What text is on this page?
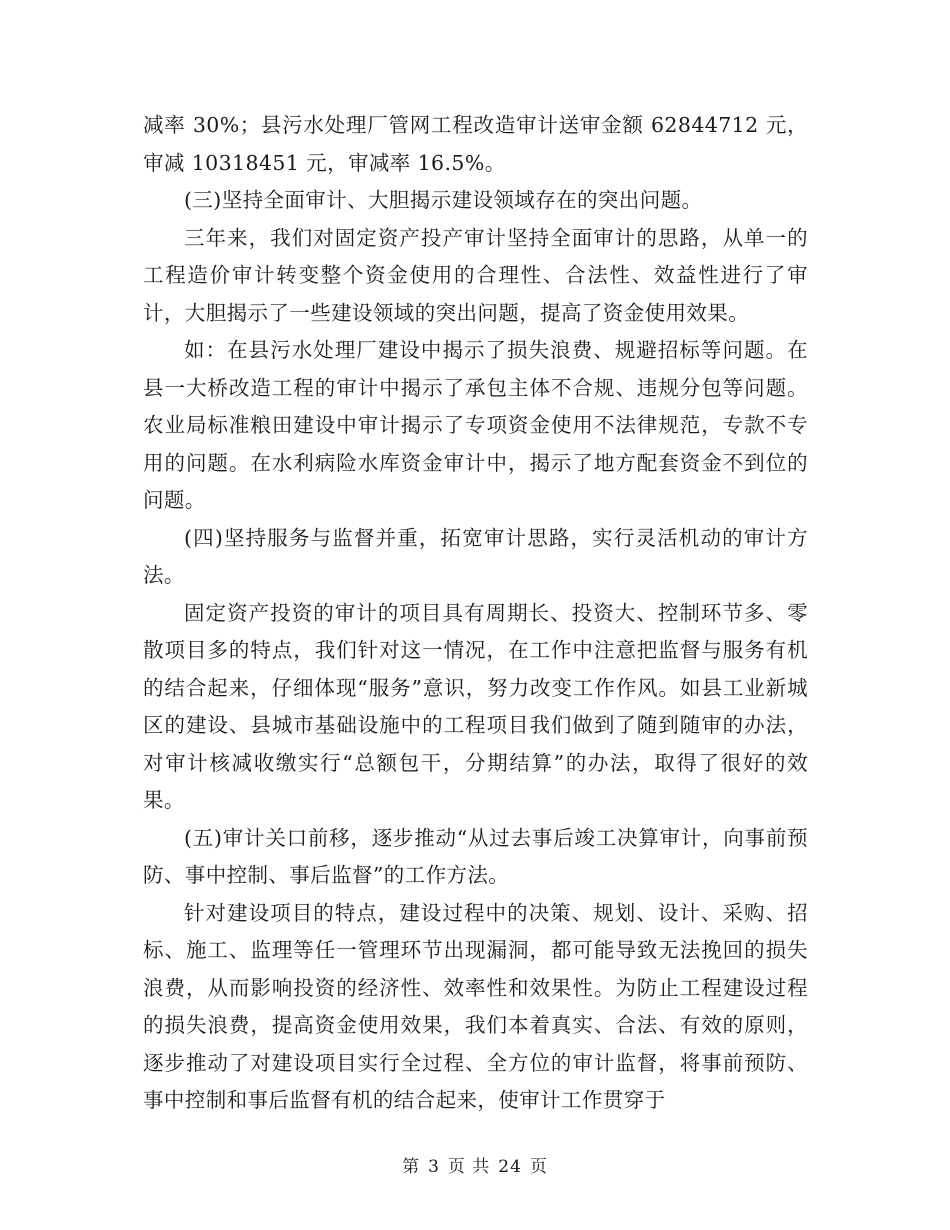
减率 30%；县污水处理厂管网工程改造审计送审金额 62844712 元，审减 10318451 元，审减率 16.5%。

(三)坚持全面审计、大胆揭示建设领域存在的突出问题。

三年来，我们对固定资产投产审计坚持全面审计的思路，从单一的工程造价审计转变整个资金使用的合理性、合法性、效益性进行了审计，大胆揭示了一些建设领域的突出问题，提高了资金使用效果。

如：在县污水处理厂建设中揭示了损失浪费、规避招标等问题。在县一大桥改造工程的审计中揭示了承包主体不合规、违规分包等问题。农业局标准粮田建设中审计揭示了专项资金使用不法律规范，专款不专用的问题。在水利病险水库资金审计中，揭示了地方配套资金不到位的问题。

(四)坚持服务与监督并重，拓宽审计思路，实行灵活机动的审计方法。

固定资产投资的审计的项目具有周期长、投资大、控制环节多、零散项目多的特点，我们针对这一情况，在工作中注意把监督与服务有机的结合起来，仔细体现“服务”意识，努力改变工作作风。如县工业新城区的建设、县城市基础设施中的工程项目我们做到了随到随审的办法，对审计核减收缴实行“总额包干，分期结算”的办法，取得了很好的效果。

(五)审计关口前移，逐步推动“从过去事后竣工决算审计，向事前预防、事中控制、事后监督”的工作方法。

针对建设项目的特点，建设过程中的决策、规划、设计、采购、招标、施工、监理等任一管理环节出现漏洞，都可能导致无法挽回的损失浪费，从而影响投资的经济性、效率性和效果性。为防止工程建设过程的损失浪费，提高资金使用效果，我们本着真实、合法、有效的原则，逐步推动了对建设项目实行全过程、全方位的审计监督，将事前预防、事中控制和事后监督有机的结合起来，使审计工作贯穿于

第 3 页 共 24 页
